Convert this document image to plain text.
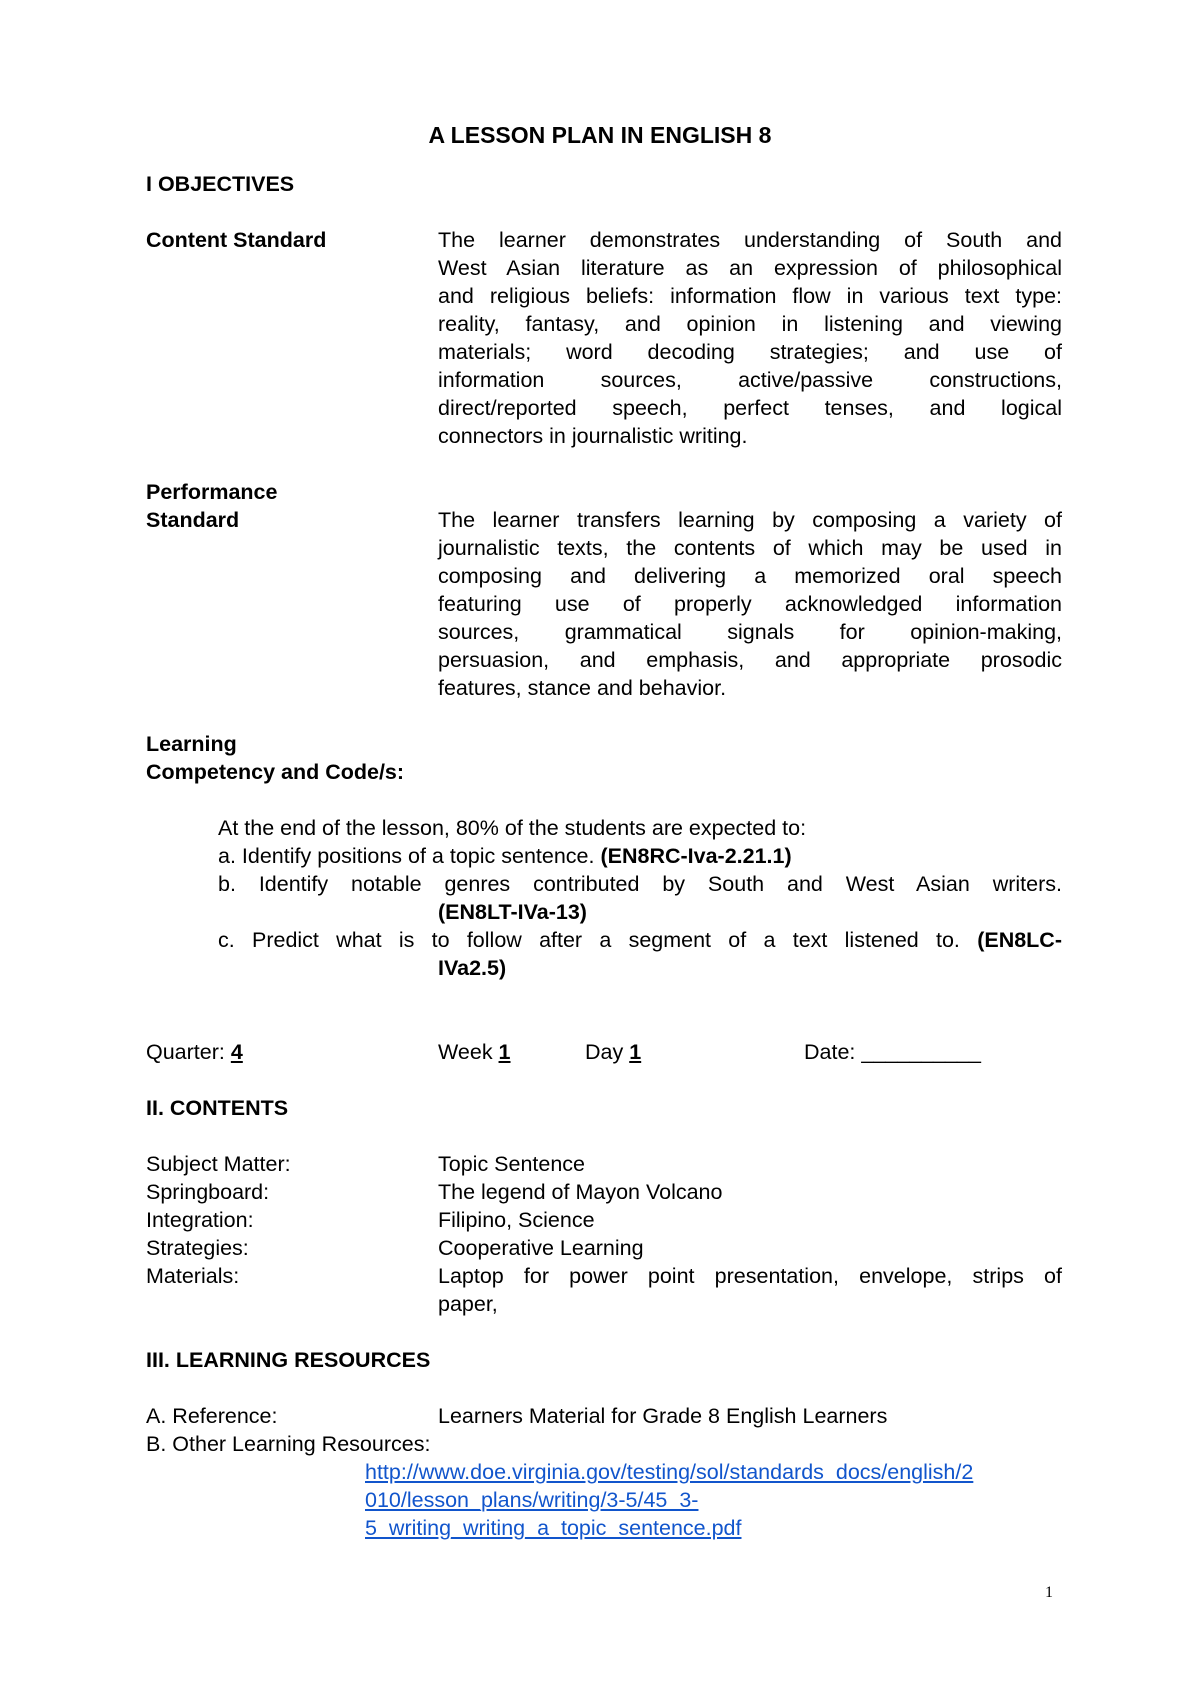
A LESSON PLAN IN ENGLISH 8
I OBJECTIVES
Content Standard	The learner demonstrates understanding of South and
West Asian literature as an expression of philosophical
and religious beliefs: information flow in various text type:
reality, fantasy, and opinion in listening and viewing
materials; word decoding strategies; and use of
information sources, active/passive constructions,
direct/reported speech, perfect tenses, and logical
connectors in journalistic writing.
Performance
Standard	The learner transfers learning by composing a variety of
journalistic texts, the contents of which may be used in
composing and delivering a memorized oral speech
featuring use of properly acknowledged information
sources, grammatical signals for opinion-making,
persuasion, and emphasis, and appropriate prosodic
features, stance and behavior.
Learning
Competency and Code/s:
At the end of the lesson, 80% of the students are expected to:
a. Identify positions of a topic sentence. (EN8RC-Iva-2.21.1)
b. Identify notable genres contributed by South and West Asian writers.
(EN8LT-IVa-13)
c. Predict what is to follow after a segment of a text listened to. (EN8LC-
IVa2.5)
Quarter: 4	Week 1	Day 1	Date: __________
II. CONTENTS
Subject Matter:	Topic Sentence
Springboard:	The legend of Mayon Volcano
Integration:	Filipino, Science
Strategies:	Cooperative Learning
Materials:	Laptop for power point presentation, envelope, strips of
paper,
III. LEARNING RESOURCES
A. Reference:	Learners Material for Grade 8 English Learners
B. Other Learning Resources:
http://www.doe.virginia.gov/testing/sol/standards_docs/english/2
010/lesson_plans/writing/3-5/45_3-
5_writing_writing_a_topic_sentence.pdf
1
